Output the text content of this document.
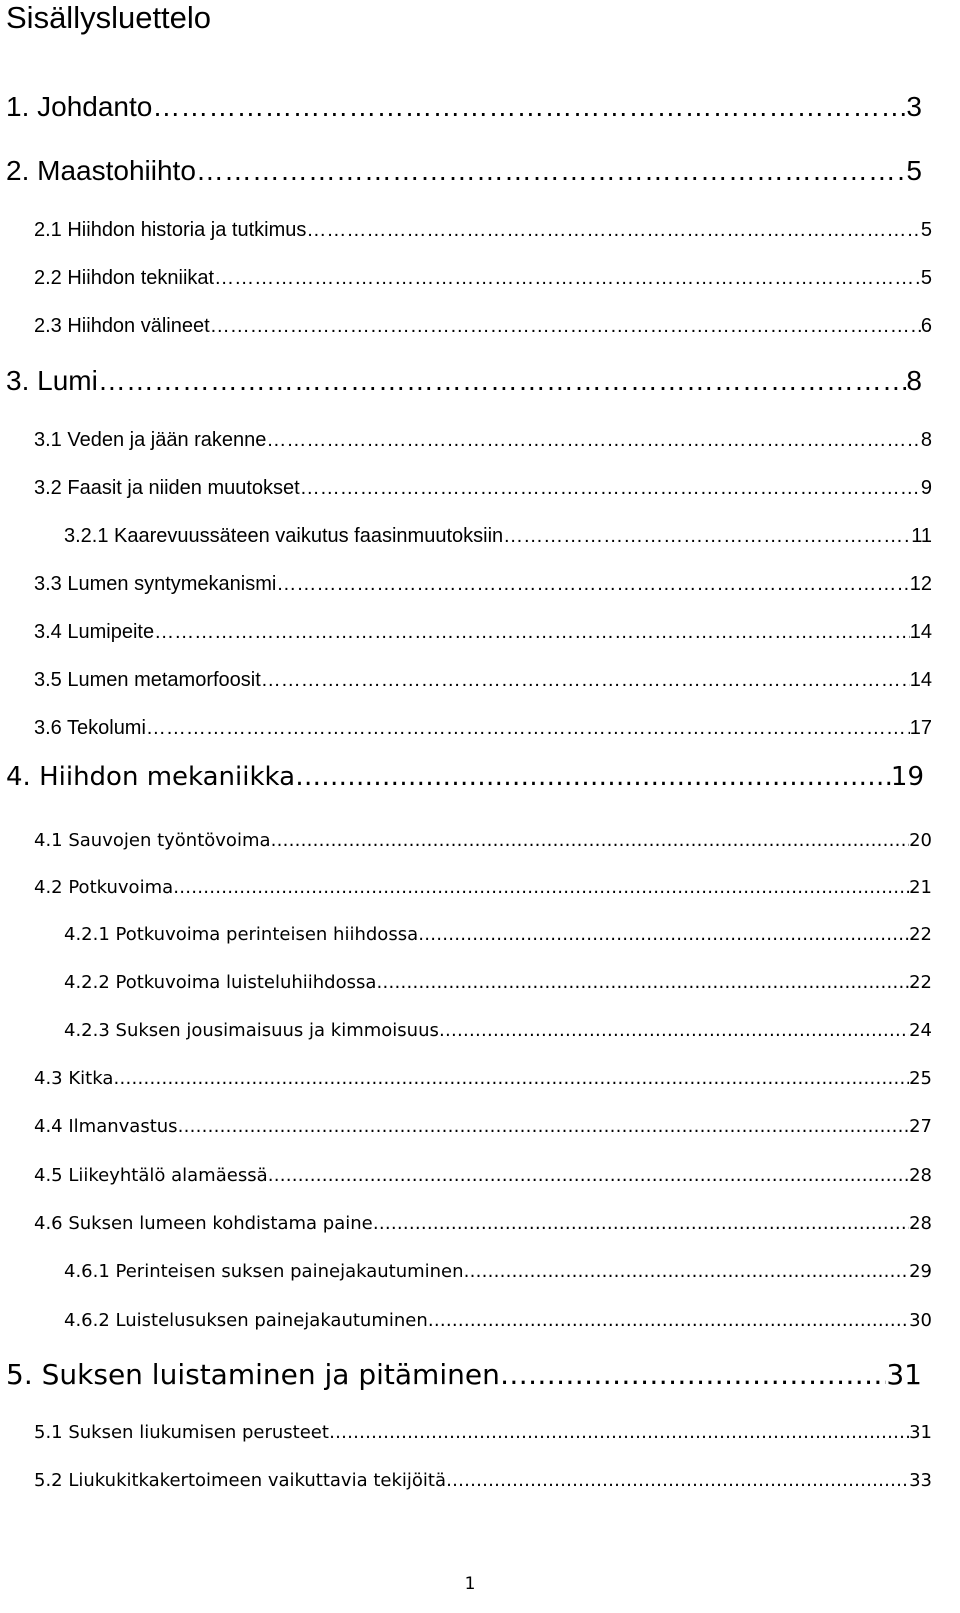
Sisällysluettelo
1. Johdanto …………………………………………………………………………………………………………………………………………………………………………………………………………………………………………	3
2. Maastohiihto …………………………………………………………………………………………………………………………………………………………………………………………………………………………………………	5
2.1 Hiihdon historia ja tutkimus …………………………………………………………………………………………………………………………………………………………………………………………………………………………………………	5
2.2 Hiihdon tekniikat …………………………………………………………………………………………………………………………………………………………………………………………………………………………………………	5
2.3 Hiihdon välineet …………………………………………………………………………………………………………………………………………………………………………………………………………………………………………	6
3. Lumi …………………………………………………………………………………………………………………………………………………………………………………………………………………………………………	8
3.1 Veden ja jään rakenne …………………………………………………………………………………………………………………………………………………………………………………………………………………………………………	8
3.2 Faasit ja niiden muutokset …………………………………………………………………………………………………………………………………………………………………………………………………………………………………………	9
3.2.1 Kaarevuussäteen vaikutus faasinmuutoksiin …………………………………………………………………………………………………………………………………………………………………………………………………………………………………………	11
3.3 Lumen syntymekanismi …………………………………………………………………………………………………………………………………………………………………………………………………………………………………………	12
3.4 Lumipeite …………………………………………………………………………………………………………………………………………………………………………………………………………………………………………	14
3.5 Lumen metamorfoosit …………………………………………………………………………………………………………………………………………………………………………………………………………………………………………	14
3.6 Tekolumi …………………………………………………………………………………………………………………………………………………………………………………………………………………………………………	17
4. Hiihdon mekaniikka …………………………………………………………………………………………………………………………………………………………………………………………………………………………………………	19
4.1 Sauvojen työntövoima …………………………………………………………………………………………………………………………………………………………………………………………………………………………………………	20
4.2 Potkuvoima …………………………………………………………………………………………………………………………………………………………………………………………………………………………………………	21
4.2.1 Potkuvoima perinteisen hiihdossa …………………………………………………………………………………………………………………………………………………………………………………………………………………………………………	22
4.2.2 Potkuvoima luisteluhiihdossa …………………………………………………………………………………………………………………………………………………………………………………………………………………………………………	22
4.2.3 Suksen jousimaisuus ja kimmoisuus …………………………………………………………………………………………………………………………………………………………………………………………………………………………………………	24
4.3 Kitka …………………………………………………………………………………………………………………………………………………………………………………………………………………………………………	25
4.4 Ilmanvastus …………………………………………………………………………………………………………………………………………………………………………………………………………………………………………	27
4.5 Liikeyhtälö alamäessä …………………………………………………………………………………………………………………………………………………………………………………………………………………………………………	28
4.6 Suksen lumeen kohdistama paine …………………………………………………………………………………………………………………………………………………………………………………………………………………………………………	28
4.6.1 Perinteisen suksen painejakautuminen …………………………………………………………………………………………………………………………………………………………………………………………………………………………………………	29
4.6.2 Luistelusuksen painejakautuminen …………………………………………………………………………………………………………………………………………………………………………………………………………………………………………	30
5. Suksen luistaminen ja pitäminen …………………………………………………………………………………………………………………………………………………………………………………………………………………………………………	31
5.1 Suksen liukumisen perusteet …………………………………………………………………………………………………………………………………………………………………………………………………………………………………………	31
5.2 Liukukitkakertoimeen vaikuttavia tekijöitä …………………………………………………………………………………………………………………………………………………………………………………………………………………………………………	33
1
